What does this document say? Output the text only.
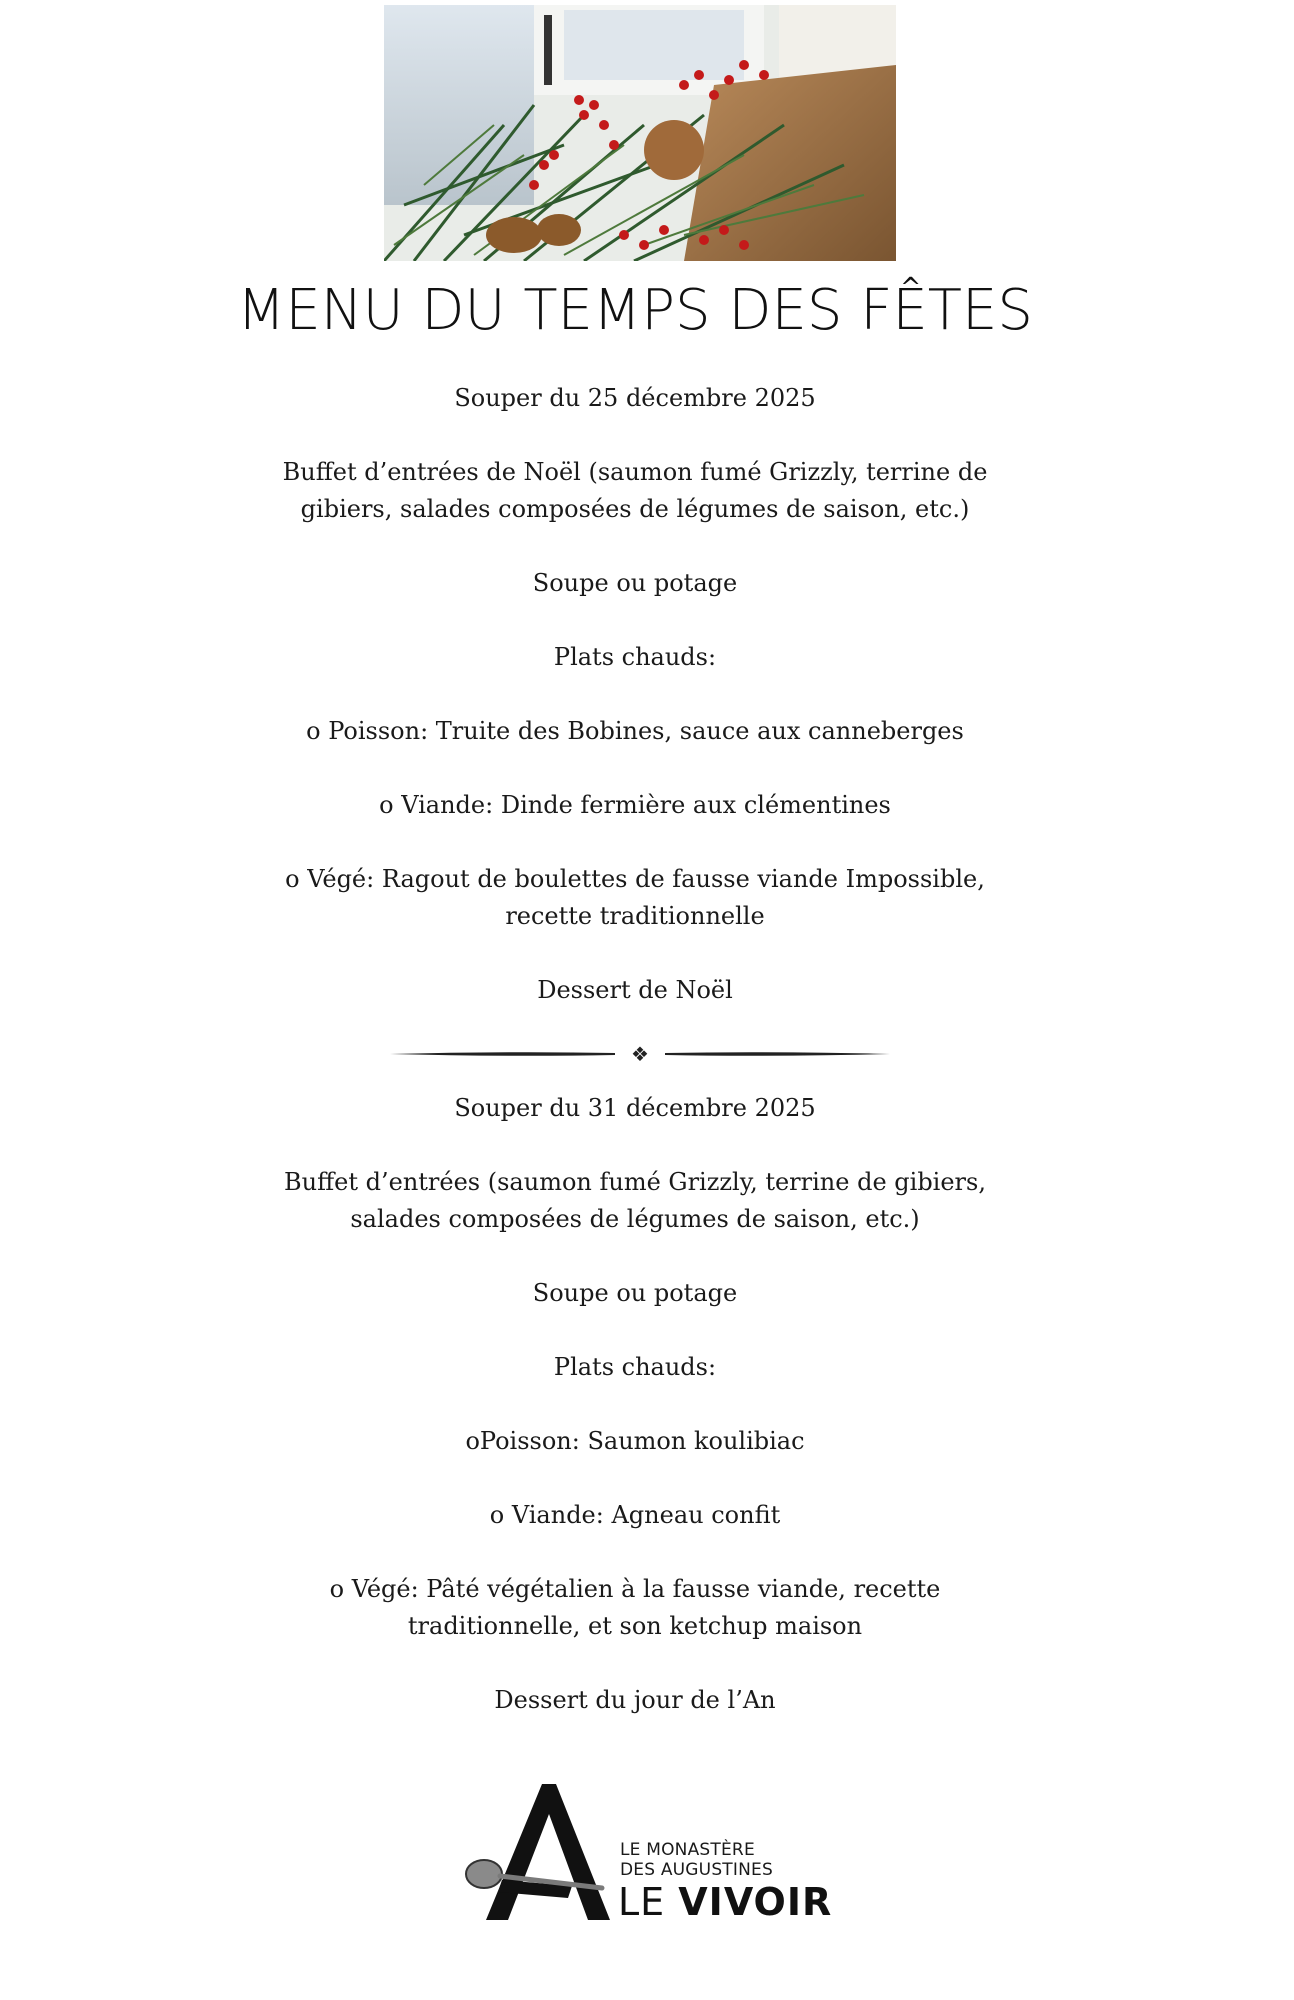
MENU DU TEMPS DES FÊTES

Souper du 25 décembre 2025

Buffet d’entrées de Noël (saumon fumé Grizzly, terrine de
gibiers, salades composées de légumes de saison, etc.)

Soupe ou potage

Plats chauds:

o Poisson: Truite des Bobines, sauce aux canneberges

o Viande: Dinde fermière aux clémentines

o Végé: Ragout de boulettes de fausse viande Impossible,
recette traditionnelle

Dessert de Noël

❖

Souper du 31 décembre 2025

Buffet d’entrées (saumon fumé Grizzly, terrine de gibiers,
salades composées de légumes de saison, etc.)

Soupe ou potage

Plats chauds:

oPoisson: Saumon koulibiac

o Viande: Agneau confit

o Végé: Pâté végétalien à la fausse viande, recette
traditionnelle, et son ketchup maison

Dessert du jour de l’An

LE MONASTÈRE
DES AUGUSTINES
LE VIVOIR
